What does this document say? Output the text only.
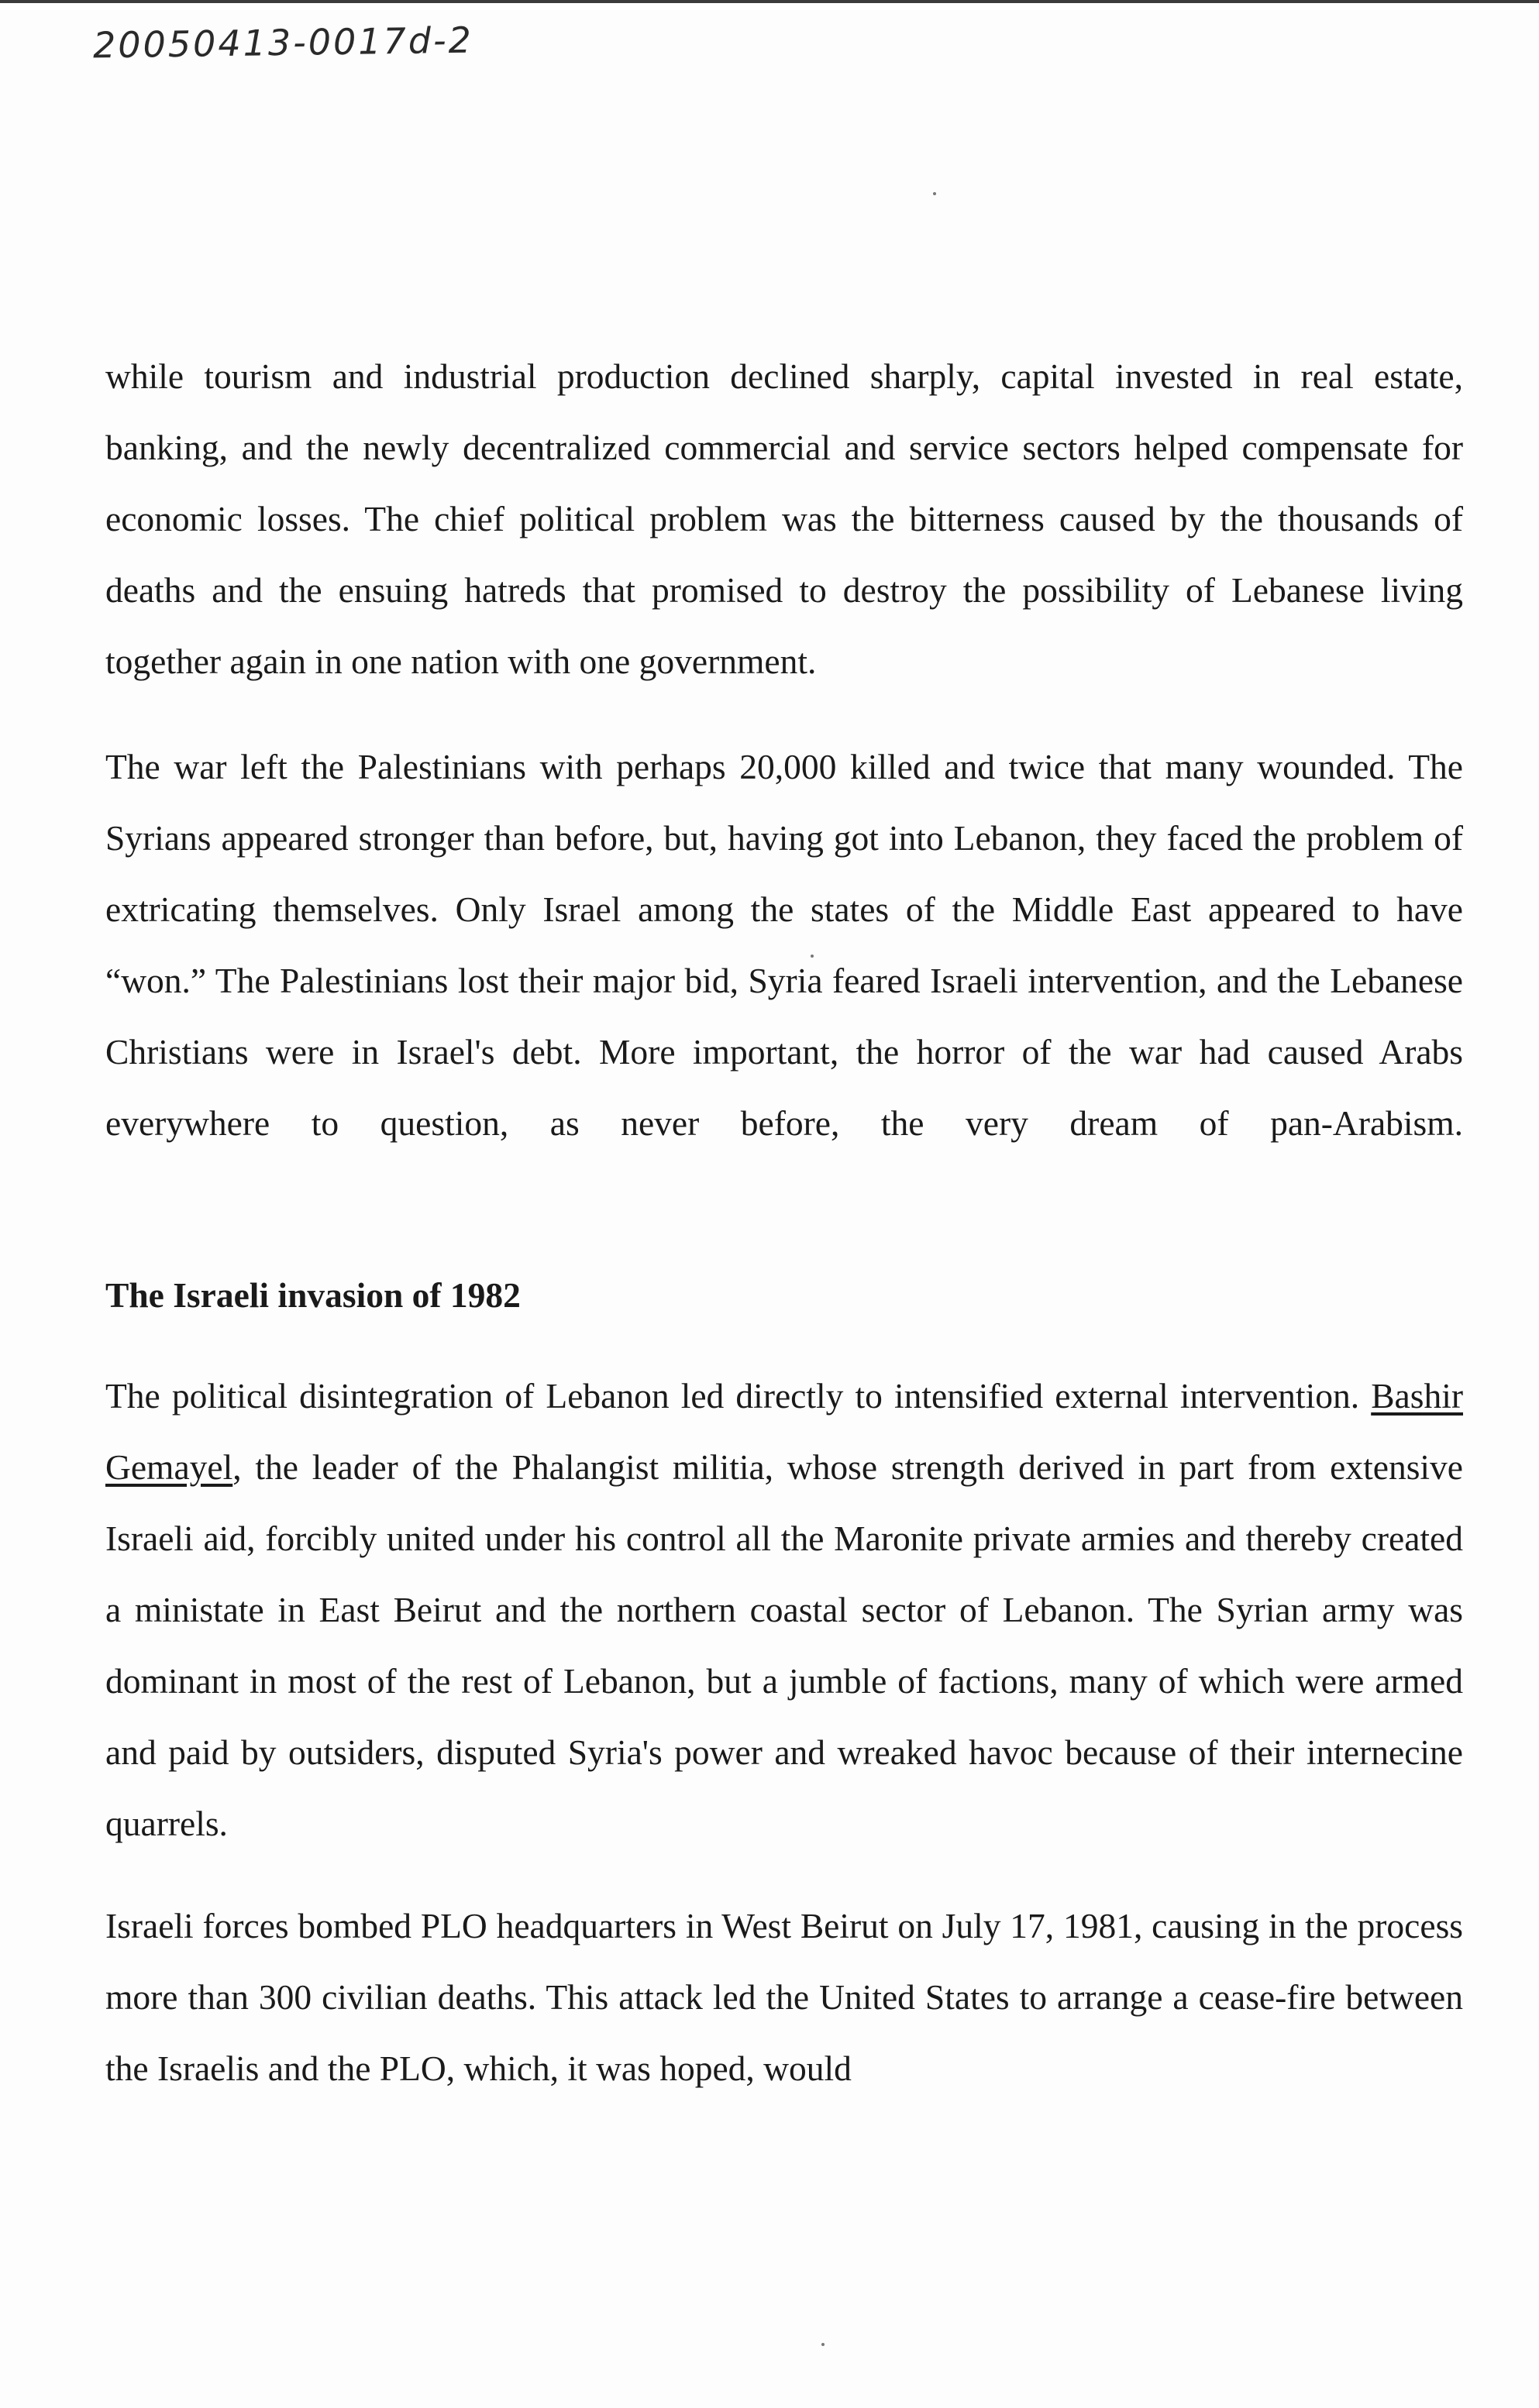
20050413-0017d-2

while tourism and industrial production declined sharply, capital invested in real estate, banking, and the newly decentralized commercial and service sectors helped compensate for economic losses. The chief political problem was the bitterness caused by the thousands of deaths and the ensuing hatreds that promised to destroy the possibility of Lebanese living together again in one nation with one government.

The war left the Palestinians with perhaps 20,000 killed and twice that many wounded. The Syrians appeared stronger than before, but, having got into Lebanon, they faced the problem of extricating themselves. Only Israel among the states of the Middle East appeared to have “won.” The Palestinians lost their major bid, Syria feared Israeli intervention, and the Lebanese Christians were in Israel's debt. More important, the horror of the war had caused Arabs everywhere to question, as never before, the very dream of pan-Arabism.

The Israeli invasion of 1982

The political disintegration of Lebanon led directly to intensified external intervention. Bashir Gemayel, the leader of the Phalangist militia, whose strength derived in part from extensive Israeli aid, forcibly united under his control all the Maronite private armies and thereby created a ministate in East Beirut and the northern coastal sector of Lebanon. The Syrian army was dominant in most of the rest of Lebanon, but a jumble of factions, many of which were armed and paid by outsiders, disputed Syria's power and wreaked havoc because of their internecine quarrels.

Israeli forces bombed PLO headquarters in West Beirut on July 17, 1981, causing in the process more than 300 civilian deaths. This attack led the United States to arrange a cease-fire between the Israelis and the PLO, which, it was hoped, would
